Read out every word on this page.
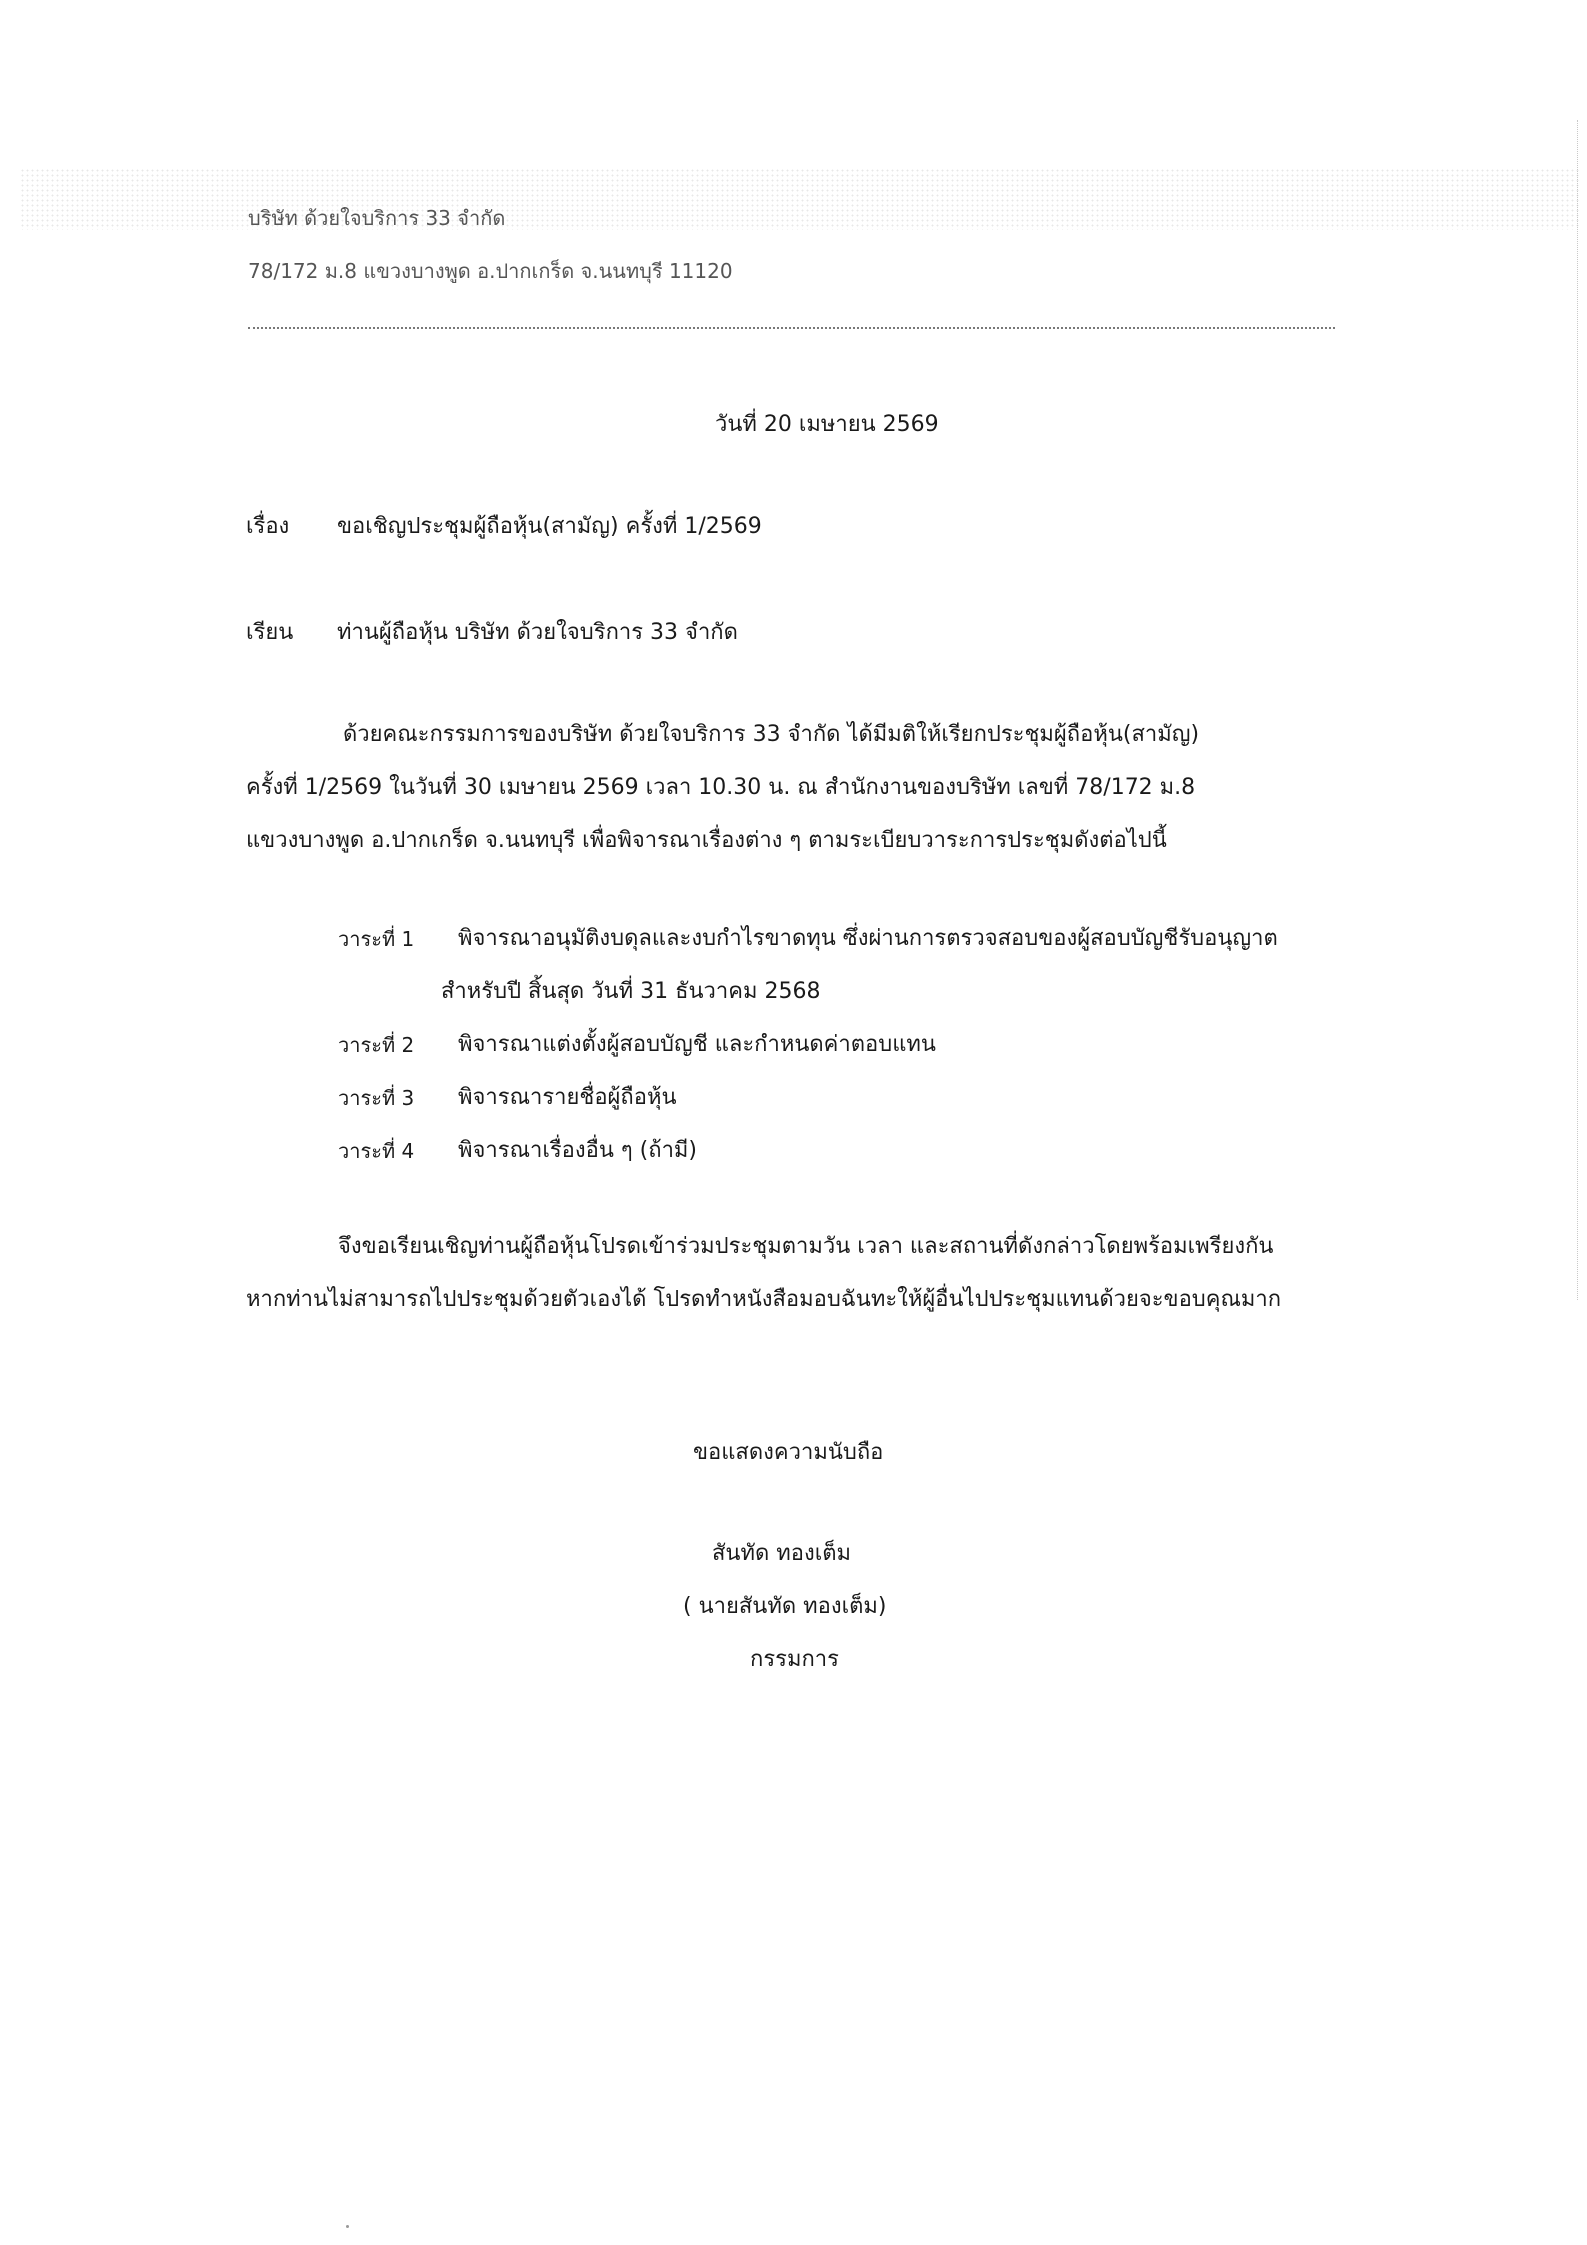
บริษัท ด้วยใจบริการ 33 จำกัด
78/172 ม.8 แขวงบางพูด อ.ปากเกร็ด จ.นนทบุรี 11120
วันที่ 20 เมษายน 2569
เรื่อง ขอเชิญประชุมผู้ถือหุ้น(สามัญ) ครั้งที่ 1/2569
เรียน ท่านผู้ถือหุ้น บริษัท ด้วยใจบริการ 33 จำกัด
ด้วยคณะกรรมการของบริษัท ด้วยใจบริการ 33 จำกัด ได้มีมติให้เรียกประชุมผู้ถือหุ้น(สามัญ)
ครั้งที่ 1/2569 ในวันที่ 30 เมษายน 2569 เวลา 10.30 น. ณ สำนักงานของบริษัท เลขที่ 78/172 ม.8
แขวงบางพูด อ.ปากเกร็ด จ.นนทบุรี เพื่อพิจารณาเรื่องต่าง ๆ ตามระเบียบวาระการประชุมดังต่อไปนี้
วาระที่ 1 พิจารณาอนุมัติงบดุลและงบกำไรขาดทุน ซึ่งผ่านการตรวจสอบของผู้สอบบัญชีรับอนุญาต
สำหรับปี สิ้นสุด วันที่ 31 ธันวาคม 2568
วาระที่ 2 พิจารณาแต่งตั้งผู้สอบบัญชี และกำหนดค่าตอบแทน
วาระที่ 3 พิจารณารายชื่อผู้ถือหุ้น
วาระที่ 4 พิจารณาเรื่องอื่น ๆ (ถ้ามี)
จึงขอเรียนเชิญท่านผู้ถือหุ้นโปรดเข้าร่วมประชุมตามวัน เวลา และสถานที่ดังกล่าวโดยพร้อมเพรียงกัน
หากท่านไม่สามารถไปประชุมด้วยตัวเองได้ โปรดทำหนังสือมอบฉันทะให้ผู้อื่นไปประชุมแทนด้วยจะขอบคุณมาก
ขอแสดงความนับถือ
สันทัด ทองเต็ม
( นายสันทัด ทองเต็ม)
กรรมการ
